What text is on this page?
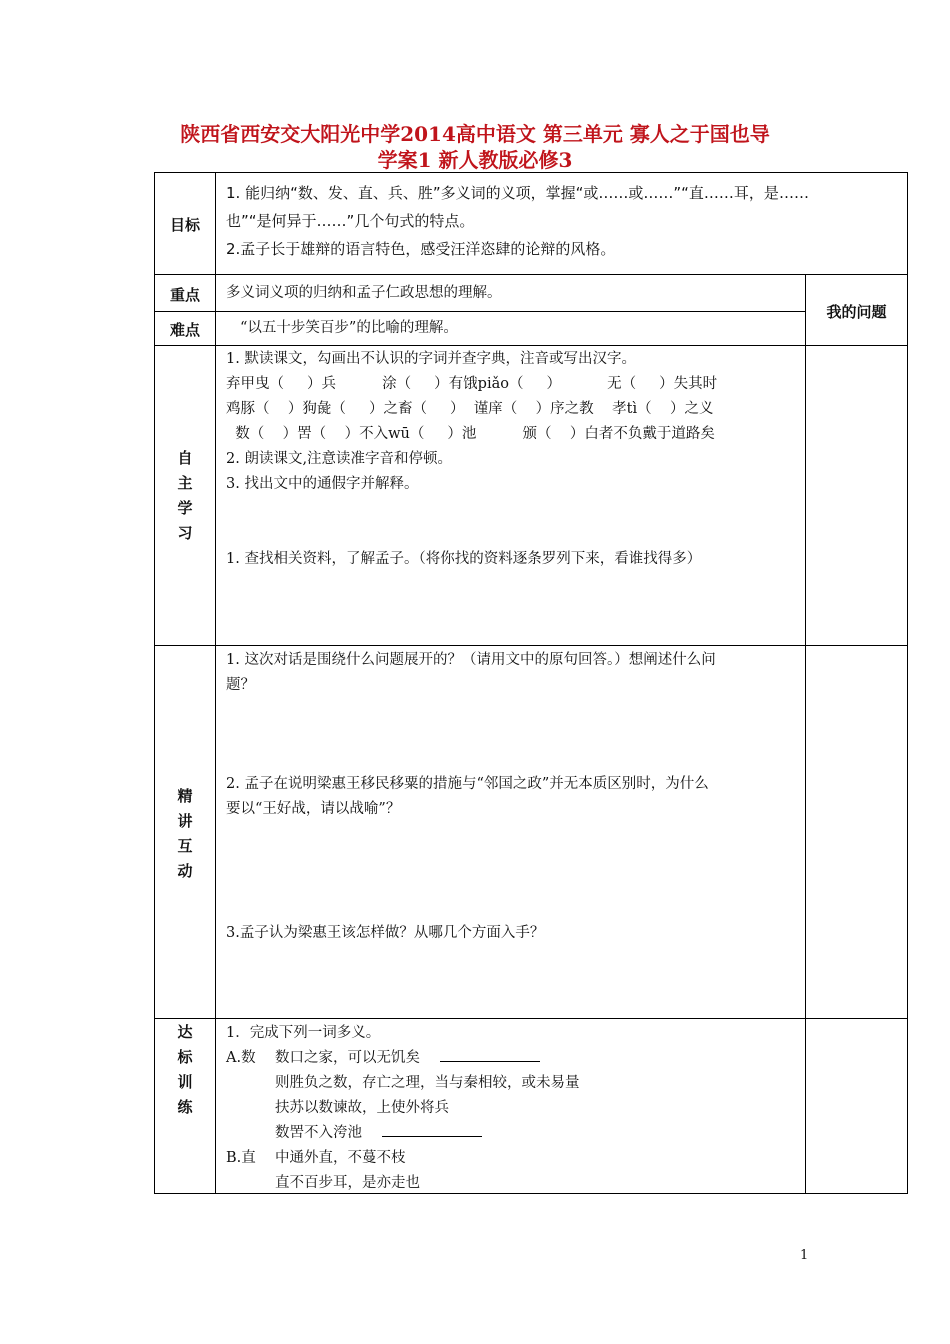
陕西省西安交大阳光中学2014高中语文 第三单元 寡人之于国也导
学案1 新人教版必修3
目标
重点
难点
我的问题
自
主
学
习
精
讲
互
动
达
标
训
练
1. 能归纳“数、发、直、兵、胜”多义词的义项，掌握“或……或……”“直……耳，是……
也”“是何异于……”几个句式的特点。
2.孟子长于雄辩的语言特色，感受汪洋恣肆的论辩的风格。
多义词义项的归纳和孟子仁政思想的理解。
“以五十步笑百步”的比喻的理解。
1. 默读课文，勾画出不认识的字词并查字典，注音或写出汉字。
弃甲曳（     ）兵          涂（     ）有饿piǎo（     ）          无（     ）失其时
鸡豚（    ）狗彘（     ）之畜（     ）  谨庠（    ）序之教    孝tì（    ）之义
数（    ）罟（    ）不入wū（     ）池          颁（    ）白者不负戴于道路矣
2. 朗读课文,注意读准字音和停顿。
3. 找出文中的通假字并解释。
1. 查找相关资料，了解孟子。（将你找的资料逐条罗列下来，看谁找得多）
1. 这次对话是围绕什么问题展开的？（请用文中的原句回答。）想阐述什么问
题？
2. 孟子在说明梁惠王移民移粟的措施与“邻国之政”并无本质区别时，为什么
要以“王好战，请以战喻”？
3.孟子认为梁惠王该怎样做？从哪几个方面入手？
1．完成下列一词多义。
A.数 数口之家，可以无饥矣
则胜负之数，存亡之理，当与秦相较，或未易量
扶苏以数谏故，上使外将兵
数罟不入洿池
B.直 中通外直，不蔓不枝
直不百步耳，是亦走也
1
